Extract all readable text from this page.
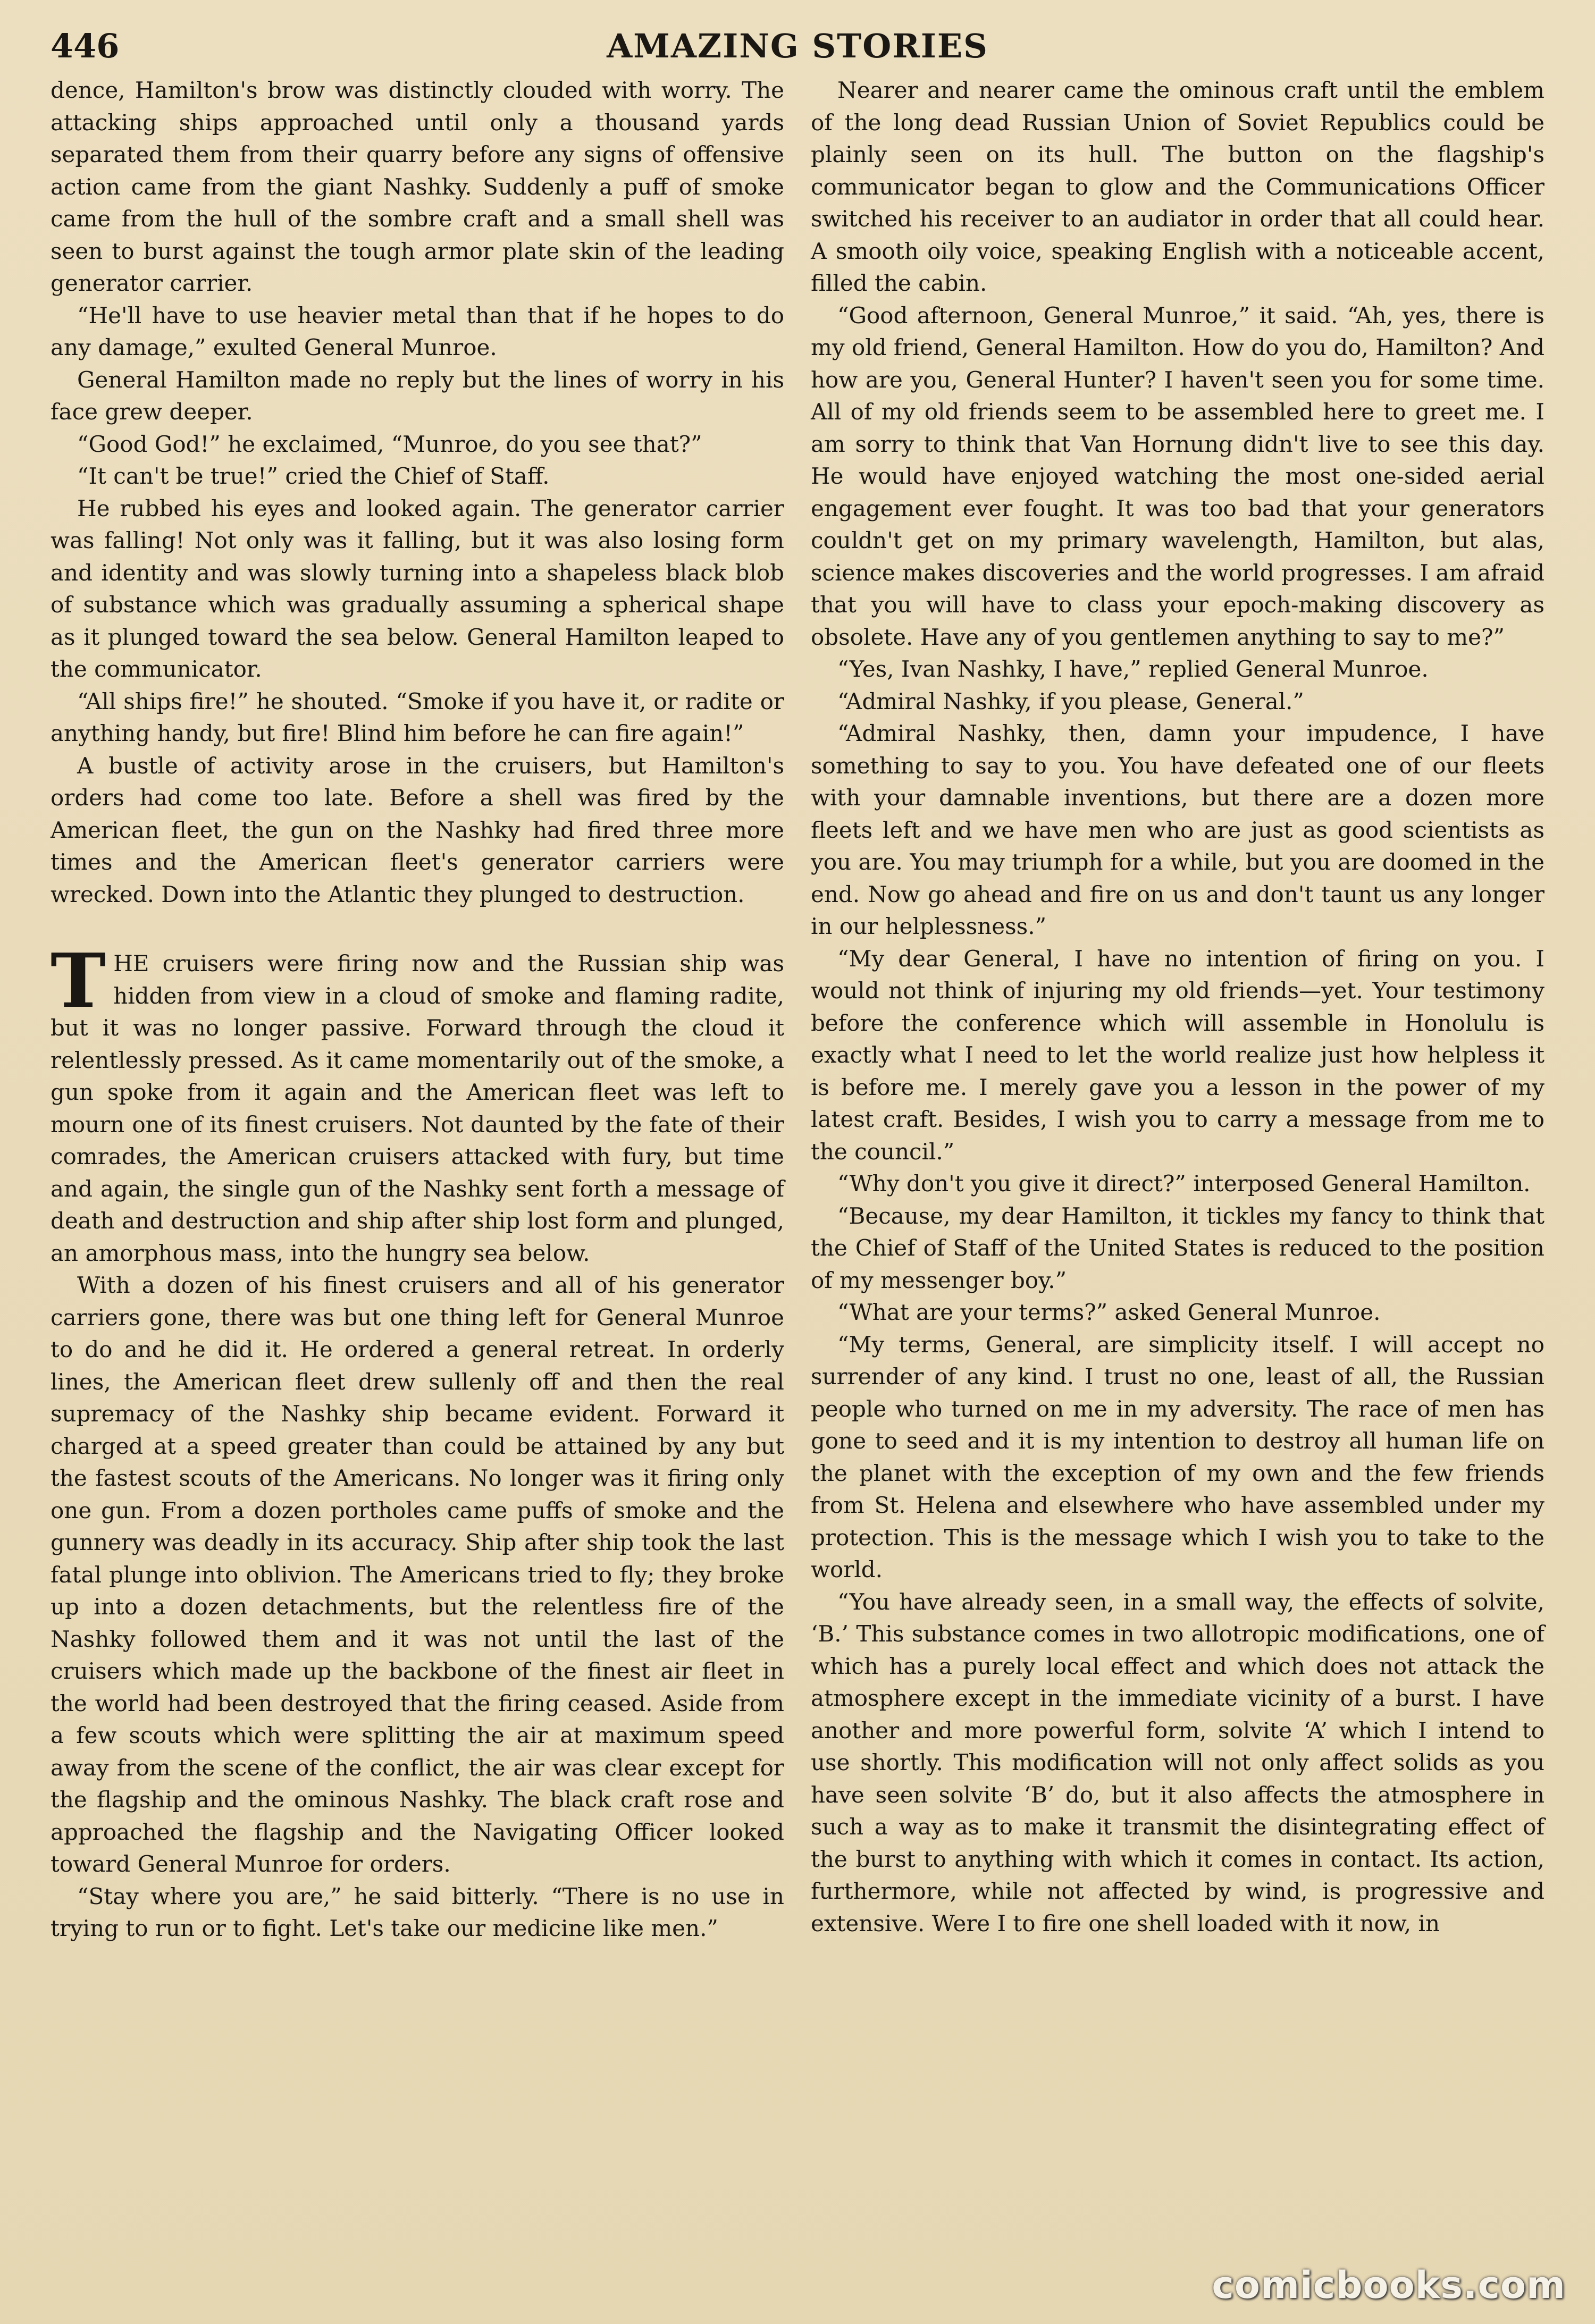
446	AMAZING STORIES

dence, Hamilton's brow was distinctly clouded with worry. The attacking ships approached until only a thousand yards separated them from their quarry before any signs of offensive action came from the giant Nashky. Suddenly a puff of smoke came from the hull of the sombre craft and a small shell was seen to burst against the tough armor plate skin of the leading generator carrier.

“He'll have to use heavier metal than that if he hopes to do any damage,” exulted General Munroe.

General Hamilton made no reply but the lines of worry in his face grew deeper.

“Good God!” he exclaimed, “Munroe, do you see that?”

“It can't be true!” cried the Chief of Staff.

He rubbed his eyes and looked again. The generator carrier was falling! Not only was it falling, but it was also losing form and identity and was slowly turning into a shapeless black blob of substance which was gradually assuming a spherical shape as it plunged toward the sea below. General Hamilton leaped to the communicator.

“All ships fire!” he shouted. “Smoke if you have it, or radite or anything handy, but fire! Blind him before he can fire again!”

A bustle of activity arose in the cruisers, but Hamilton's orders had come too late. Before a shell was fired by the American fleet, the gun on the Nashky had fired three more times and the American fleet's generator carriers were wrecked. Down into the Atlantic they plunged to destruction.

THE cruisers were firing now and the Russian ship was hidden from view in a cloud of smoke and flaming radite, but it was no longer passive. Forward through the cloud it relentlessly pressed. As it came momentarily out of the smoke, a gun spoke from it again and the American fleet was left to mourn one of its finest cruisers. Not daunted by the fate of their comrades, the American cruisers attacked with fury, but time and again, the single gun of the Nashky sent forth a message of death and destruction and ship after ship lost form and plunged, an amorphous mass, into the hungry sea below.

With a dozen of his finest cruisers and all of his generator carriers gone, there was but one thing left for General Munroe to do and he did it. He ordered a general retreat. In orderly lines, the American fleet drew sullenly off and then the real supremacy of the Nashky ship became evident. Forward it charged at a speed greater than could be attained by any but the fastest scouts of the Americans. No longer was it firing only one gun. From a dozen portholes came puffs of smoke and the gunnery was deadly in its accuracy. Ship after ship took the last fatal plunge into oblivion. The Americans tried to fly; they broke up into a dozen detachments, but the relentless fire of the Nashky followed them and it was not until the last of the cruisers which made up the backbone of the finest air fleet in the world had been destroyed that the firing ceased. Aside from a few scouts which were splitting the air at maximum speed away from the scene of the conflict, the air was clear except for the flagship and the ominous Nashky. The black craft rose and approached the flagship and the Navigating Officer looked toward General Munroe for orders.

“Stay where you are,” he said bitterly. “There is no use in trying to run or to fight. Let's take our medicine like men.”

Nearer and nearer came the ominous craft until the emblem of the long dead Russian Union of Soviet Republics could be plainly seen on its hull. The button on the flagship's communicator began to glow and the Communications Officer switched his receiver to an audiator in order that all could hear. A smooth oily voice, speaking English with a noticeable accent, filled the cabin.

“Good afternoon, General Munroe,” it said. “Ah, yes, there is my old friend, General Hamilton. How do you do, Hamilton? And how are you, General Hunter? I haven't seen you for some time. All of my old friends seem to be assembled here to greet me. I am sorry to think that Van Hornung didn't live to see this day. He would have enjoyed watching the most one-sided aerial engagement ever fought. It was too bad that your generators couldn't get on my primary wavelength, Hamilton, but alas, science makes discoveries and the world progresses. I am afraid that you will have to class your epoch-making discovery as obsolete. Have any of you gentlemen anything to say to me?”

“Yes, Ivan Nashky, I have,” replied General Munroe.

“Admiral Nashky, if you please, General.”

“Admiral Nashky, then, damn your impudence, I have something to say to you. You have defeated one of our fleets with your damnable inventions, but there are a dozen more fleets left and we have men who are just as good scientists as you are. You may triumph for a while, but you are doomed in the end. Now go ahead and fire on us and don't taunt us any longer in our helplessness.”

“My dear General, I have no intention of firing on you. I would not think of injuring my old friends—yet. Your testimony before the conference which will assemble in Honolulu is exactly what I need to let the world realize just how helpless it is before me. I merely gave you a lesson in the power of my latest craft. Besides, I wish you to carry a message from me to the council.”

“Why don't you give it direct?” interposed General Hamilton.

“Because, my dear Hamilton, it tickles my fancy to think that the Chief of Staff of the United States is reduced to the position of my messenger boy.”

“What are your terms?” asked General Munroe.

“My terms, General, are simplicity itself. I will accept no surrender of any kind. I trust no one, least of all, the Russian people who turned on me in my adversity. The race of men has gone to seed and it is my intention to destroy all human life on the planet with the exception of my own and the few friends from St. Helena and elsewhere who have assembled under my protection. This is the message which I wish you to take to the world.

“You have already seen, in a small way, the effects of solvite, ‘B.’ This substance comes in two allotropic modifications, one of which has a purely local effect and which does not attack the atmosphere except in the immediate vicinity of a burst. I have another and more powerful form, solvite ‘A’ which I intend to use shortly. This modification will not only affect solids as you have seen solvite ‘B’ do, but it also affects the atmosphere in such a way as to make it transmit the disintegrating effect of the burst to anything with which it comes in contact. Its action, furthermore, while not affected by wind, is progressive and extensive. Were I to fire one shell loaded with it now, in

comicbooks.com
